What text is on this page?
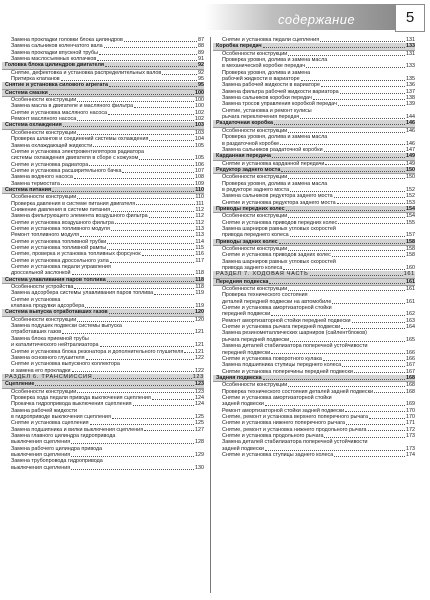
содержание	5
Замена прокладки головки блока цилиндров	87
Замена сальников коленчатого вала	88
Замена прокладки впускной трубы	89
Замена маслосъемных колпачков	91
Головка блока цилиндров двигателя	92
Снятие, дефектовка и установка распределительных валов	92
Притирка клапанов	95
Снятие и установка силового агрегата	95
Система смазки	100
Особенности конструкции	100
Замена масла в двигателе и масляного фильтра	100
Снятие и установка масляного насоса	102
Ремонт масляного насоса	102
Система охлаждения	103
Особенности конструкции	103
Проверка шлангов и соединений системы охлаждения	104
Замена охлаждающей жидкости	105
Снятие и установка электровентиляторов радиатора
системы охлаждения двигателя в сборе с кожухом	105
Снятие и установка радиатора	106
Снятие и установка расширительного бачка	107
Замена водяного насоса	108
Замена термостата	109
Система питания	110
Особенности конструкции	110
Проверка давления в системе питания двигателя	111
Снижение давления в системе питания	112
Замена фильтрующего элемента воздушного фильтра	112
Снятие и установка воздушного фильтра	112
Снятие и установка топливного модуля	113
Ремонт топливного модуля	113
Снятие и установка топливной трубки	114
Снятие и установка топливной рампы	115
Снятие, проверка и установка топливных форсунок	116
Снятие и установка дроссельного узла	117
Снятие и установка педали управления
дроссельной заслонкой	118
Система улавливания паров топлива	118
Особенности устройства	118
Замена адсорбера системы улавливания паров топлива	119
Снятие и установка
клапана продувки адсорбера	119
Система выпуска отработавших газов	120
Особенности конструкции	120
Замена подушек подвески системы выпуска
отработавших газов	121
Замена блока приемной трубы
и каталитического нейтрализатора	121
Снятие и установка блока резонатора и дополнительного глушителя 121
Замена основного глушителя	122
Снятие и установка выпускного коллектора
и замена его прокладки	122
РАЗДЕЛ 6. ТРАНСМИССИЯ	123
Сцепление	123
Особенности конструкции	123
Проверка хода педали привода выключения сцепления	124
Прокачка гидропривода выключения сцепления	124
Замена рабочей жидкости
в гидроприводе выключения сцепления	125
Снятие и установка сцепления	125
Замена подшипника и вилки выключения сцепления	127
Замена главного цилиндра гидропривода
выключения сцепления	128
Замена рабочего цилиндра привода
выключения сцепления	129
Замена трубопровода гидропривода
выключения сцепления	130
Снятие и установка педали сцепления	131
Коробка передач	133
Особенности конструкции	131
Проверка уровня, долива и замена масла
в механической коробке передач	133
Проверка уровня, долива и замена
рабочей жидкости в вариаторе	135
Замена рабочей жидкости в вариаторе	136
Замена фильтра рабочей жидкости вариатора	137
Замена сальников коробки передач	138
Замена тросов управления коробкой передач	139
Снятие, установка и ремонт кулисы
рычага переключения передач	144
Раздаточная коробка	146
Особенности конструкции	146
Проверка уровня, долива и замена масла
в раздаточной коробке	146
Замена сальников раздаточной коробки	147
Карданная передача	149
Снятие и установка карданной передачи	149
Редуктор заднего моста	150
Особенности конструкции	150
Проверка уровня, долива и замена масла
в редукторе заднего моста	152
Замена сальников редуктора заднего моста	152
Снятие и установка редуктора заднего моста	153
Приводы передних колес	154
Особенности конструкции	154
Снятие и установка приводов передних колес	155
Замена шарниров равных угловых скоростей
привода переднего колеса	157
Приводы задних колес	158
Особенности конструкции	158
Снятие и установка приводов задних колес	158
Замена шарниров равных угловых скоростей
привода заднего колеса	160
РАЗДЕЛ 7. ХОДОВАЯ ЧАСТЬ	161
Передняя подвеска	161
Особенности конструкции	161
Проверка технического состояния
деталей передней подвески на автомобиле	161
Снятие и установка амортизаторной стойки
передней подвески	162
Ремонт амортизаторной стойки передней подвески	163
Снятие и установка рычага передней подвески	164
Замена резинометаллических шарниров (сайлентблоков)
рычага передней подвески	165
Замена деталей стабилизатора поперечной устойчивости
передней подвески	166
Снятие и установка поворотного кулака	166
Замена подшипника ступицы переднего колеса	167
Снятие и установка поперечины передней подвески	167
Задняя подвеска	168
Особенности конструкции	168
Проверка технического состояния деталей задней подвески	168
Снятие и установка амортизаторной стойки
задней подвески	169
Ремонт амортизаторной стойки задней подвески	170
Снятие, ремонт и установка верхнего поперечного рычага	170
Снятие и установка нижнего поперечного рычага	171
Снятие, ремонт и установка нижнего продольного рычага	172
Снятие и установка продольного рычага	173
Замена деталей стабилизатора поперечной устойчивости
задней подвески	173
Снятие и установка ступицы заднего колеса	174
